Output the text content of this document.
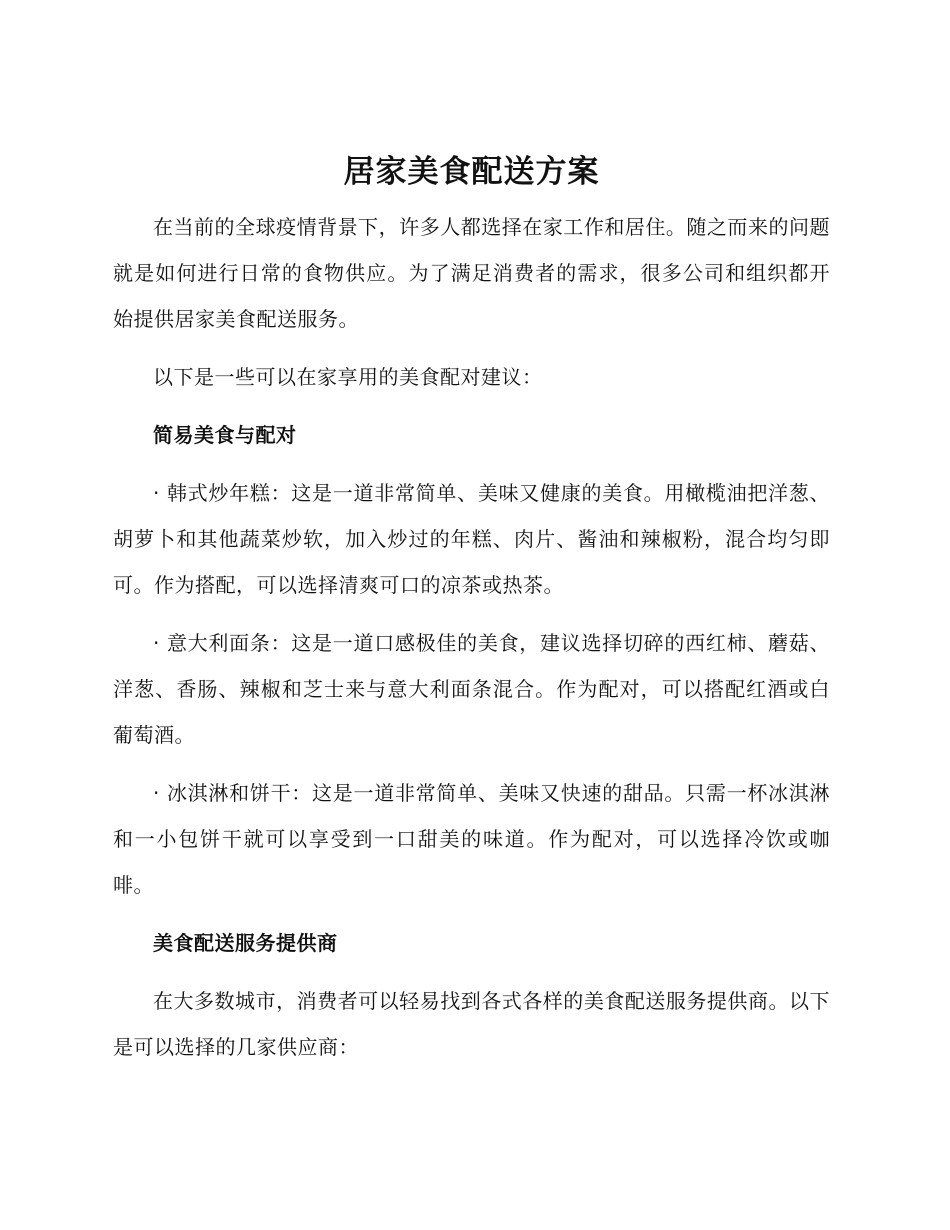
居家美食配送方案

在当前的全球疫情背景下，许多人都选择在家工作和居住。随之而来的问题就是如何进行日常的食物供应。为了满足消费者的需求，很多公司和组织都开始提供居家美食配送服务。

以下是一些可以在家享用的美食配对建议：

简易美食与配对

· 韩式炒年糕：这是一道非常简单、美味又健康的美食。用橄榄油把洋葱、胡萝卜和其他蔬菜炒软，加入炒过的年糕、肉片、酱油和辣椒粉，混合均匀即可。作为搭配，可以选择清爽可口的凉茶或热茶。

· 意大利面条：这是一道口感极佳的美食，建议选择切碎的西红柿、蘑菇、洋葱、香肠、辣椒和芝士来与意大利面条混合。作为配对，可以搭配红酒或白葡萄酒。

· 冰淇淋和饼干：这是一道非常简单、美味又快速的甜品。只需一杯冰淇淋和一小包饼干就可以享受到一口甜美的味道。作为配对，可以选择冷饮或咖啡。

美食配送服务提供商

在大多数城市，消费者可以轻易找到各式各样的美食配送服务提供商。以下是可以选择的几家供应商：
